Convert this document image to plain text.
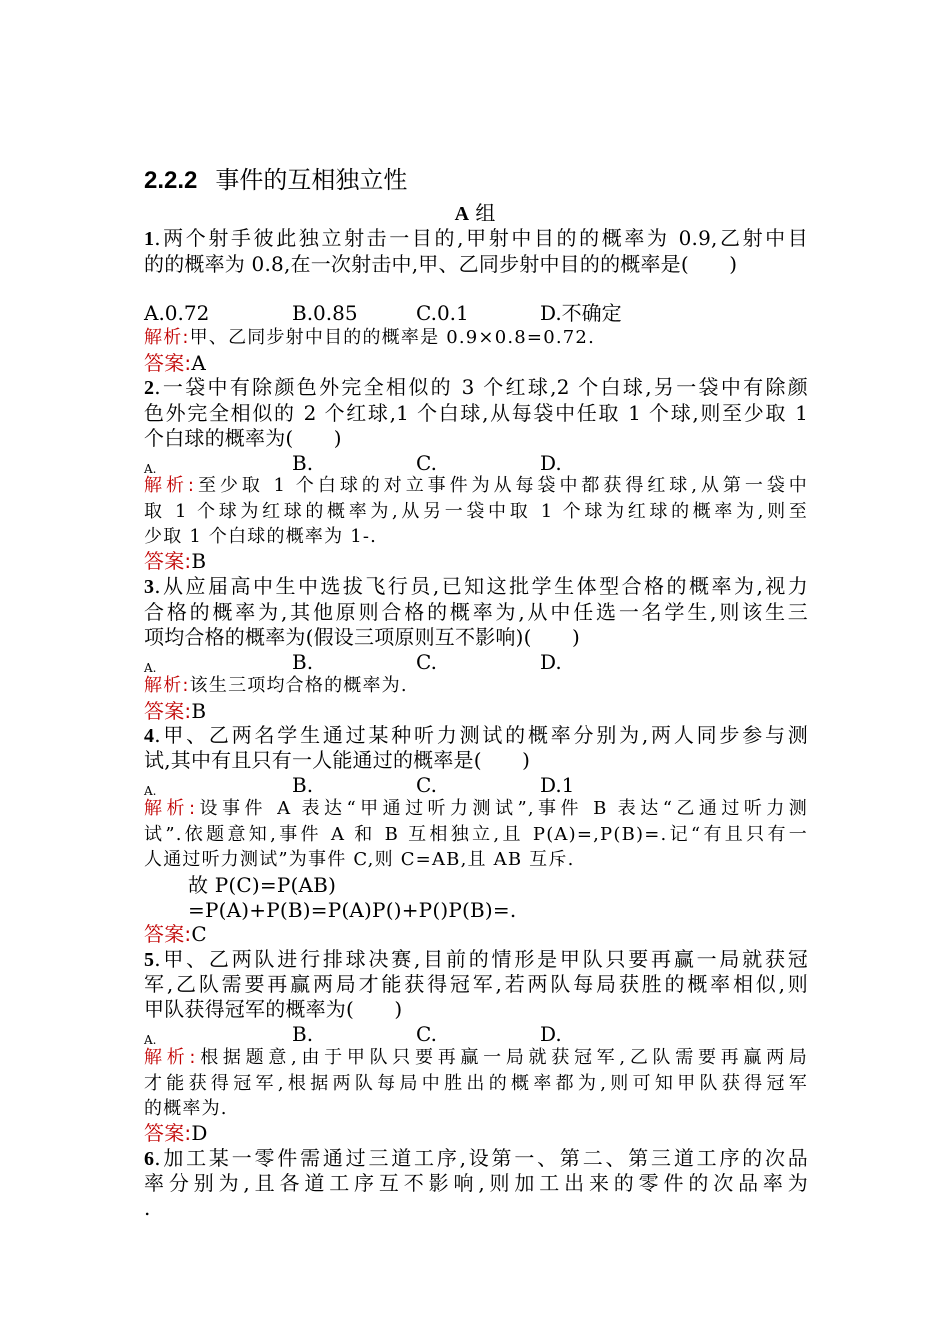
2.2.2 事件的互相独立性
A 组
1.两个射手彼此独立射击一目的,甲射中目的的概率为 0.9,乙射中目
的的概率为 0.8,在一次射击中,甲、乙同步射中目的的概率是(　　)
A.0.72	B.0.85	C.0.1	D.不确定
解析:甲、乙同步射中目的的概率是 0.9×0.8=0.72.
答案:A
2.一袋中有除颜色外完全相似的 3 个红球,2 个白球,另一袋中有除颜
色外完全相似的 2 个红球,1 个白球,从每袋中任取 1 个球,则至少取 1
个白球的概率为(　　)
A.	B.	C.	D.
解析:至少取 1 个白球的对立事件为从每袋中都获得红球,从第一袋中
取 1 个球为红球的概率为,从另一袋中取 1 个球为红球的概率为,则至
少取 1 个白球的概率为 1-.
答案:B
3.从应届高中生中选拔飞行员,已知这批学生体型合格的概率为,视力
合格的概率为,其他原则合格的概率为,从中任选一名学生,则该生三
项均合格的概率为(假设三项原则互不影响)(　　)
A.	B.	C.	D.
解析:该生三项均合格的概率为.
答案:B
4.甲、乙两名学生通过某种听力测试的概率分别为,两人同步参与测
试,其中有且只有一人能通过的概率是(　　)
A.	B.	C.	D.1
解析:设事件 A 表达“甲通过听力测试”,事件 B 表达“乙通过听力测
试”.依题意知,事件 A 和 B 互相独立,且 P(A)=,P(B)=.记“有且只有一
人通过听力测试”为事件 C,则 C=AB,且 AB 互斥.
故 P(C)=P(AB)
=P(A)+P(B)=P(A)P()+P()P(B)=.
答案:C
5.甲、乙两队进行排球决赛,目前的情形是甲队只要再赢一局就获冠
军,乙队需要再赢两局才能获得冠军,若两队每局获胜的概率相似,则
甲队获得冠军的概率为(　　)
A.	B.	C.	D.
解析:根据题意,由于甲队只要再赢一局就获冠军,乙队需要再赢两局
才能获得冠军,根据两队每局中胜出的概率都为,则可知甲队获得冠军
的概率为.
答案:D
6.加工某一零件需通过三道工序,设第一、第二、第三道工序的次品
率分别为,且各道工序互不影响,则加工出来的零件的次品率为
.
